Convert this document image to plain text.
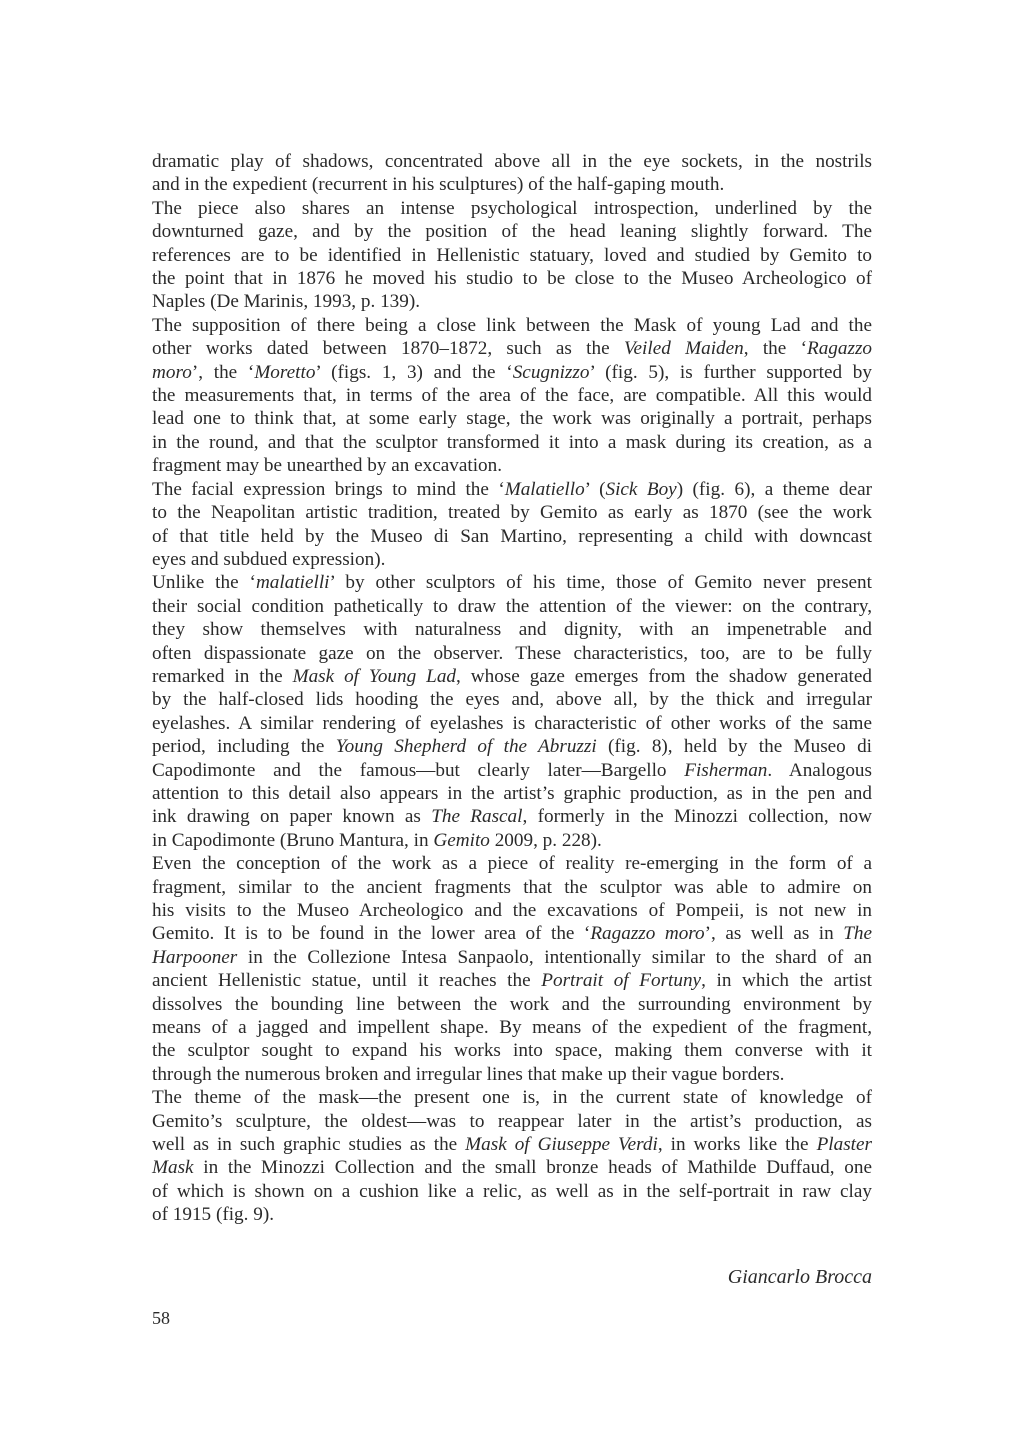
dramatic play of shadows, concentrated above all in the eye sockets, in the nostrils
and in the expedient (recurrent in his sculptures) of the half-gaping mouth.

The piece also shares an intense psychological introspection, underlined by the
downturned gaze, and by the position of the head leaning slightly forward. The
references are to be identified in Hellenistic statuary, loved and studied by Gemito to
the point that in 1876 he moved his studio to be close to the Museo Archeologico of
Naples (De Marinis, 1993, p. 139).

The supposition of there being a close link between the Mask of young Lad and the
other works dated between 1870–1872, such as the Veiled Maiden, the ‘Ragazzo
moro’, the ‘Moretto’ (figs. 1, 3) and the ‘Scugnizzo’ (fig. 5), is further supported by
the measurements that, in terms of the area of the face, are compatible. All this would
lead one to think that, at some early stage, the work was originally a portrait, perhaps
in the round, and that the sculptor transformed it into a mask during its creation, as a
fragment may be unearthed by an excavation.

The facial expression brings to mind the ‘Malatiello’ (Sick Boy) (fig. 6), a theme dear
to the Neapolitan artistic tradition, treated by Gemito as early as 1870 (see the work
of that title held by the Museo di San Martino, representing a child with downcast
eyes and subdued expression).

Unlike the ‘malatielli’ by other sculptors of his time, those of Gemito never present
their social condition pathetically to draw the attention of the viewer: on the contrary,
they show themselves with naturalness and dignity, with an impenetrable and
often dispassionate gaze on the observer. These characteristics, too, are to be fully
remarked in the Mask of Young Lad, whose gaze emerges from the shadow generated
by the half-closed lids hooding the eyes and, above all, by the thick and irregular
eyelashes. A similar rendering of eyelashes is characteristic of other works of the same
period, including the Young Shepherd of the Abruzzi (fig. 8), held by the Museo di
Capodimonte and the famous—but clearly later—Bargello Fisherman. Analogous
attention to this detail also appears in the artist’s graphic production, as in the pen and
ink drawing on paper known as The Rascal, formerly in the Minozzi collection, now
in Capodimonte (Bruno Mantura, in Gemito 2009, p. 228).

Even the conception of the work as a piece of reality re-emerging in the form of a
fragment, similar to the ancient fragments that the sculptor was able to admire on
his visits to the Museo Archeologico and the excavations of Pompeii, is not new in
Gemito. It is to be found in the lower area of the ‘Ragazzo moro’, as well as in The
Harpooner in the Collezione Intesa Sanpaolo, intentionally similar to the shard of an
ancient Hellenistic statue, until it reaches the Portrait of Fortuny, in which the artist
dissolves the bounding line between the work and the surrounding environment by
means of a jagged and impellent shape. By means of the expedient of the fragment,
the sculptor sought to expand his works into space, making them converse with it
through the numerous broken and irregular lines that make up their vague borders.

The theme of the mask—the present one is, in the current state of knowledge of
Gemito’s sculpture, the oldest—was to reappear later in the artist’s production, as
well as in such graphic studies as the Mask of Giuseppe Verdi, in works like the Plaster
Mask in the Minozzi Collection and the small bronze heads of Mathilde Duffaud, one
of which is shown on a cushion like a relic, as well as in the self-portrait in raw clay
of 1915 (fig. 9).

Giancarlo Brocca
58
